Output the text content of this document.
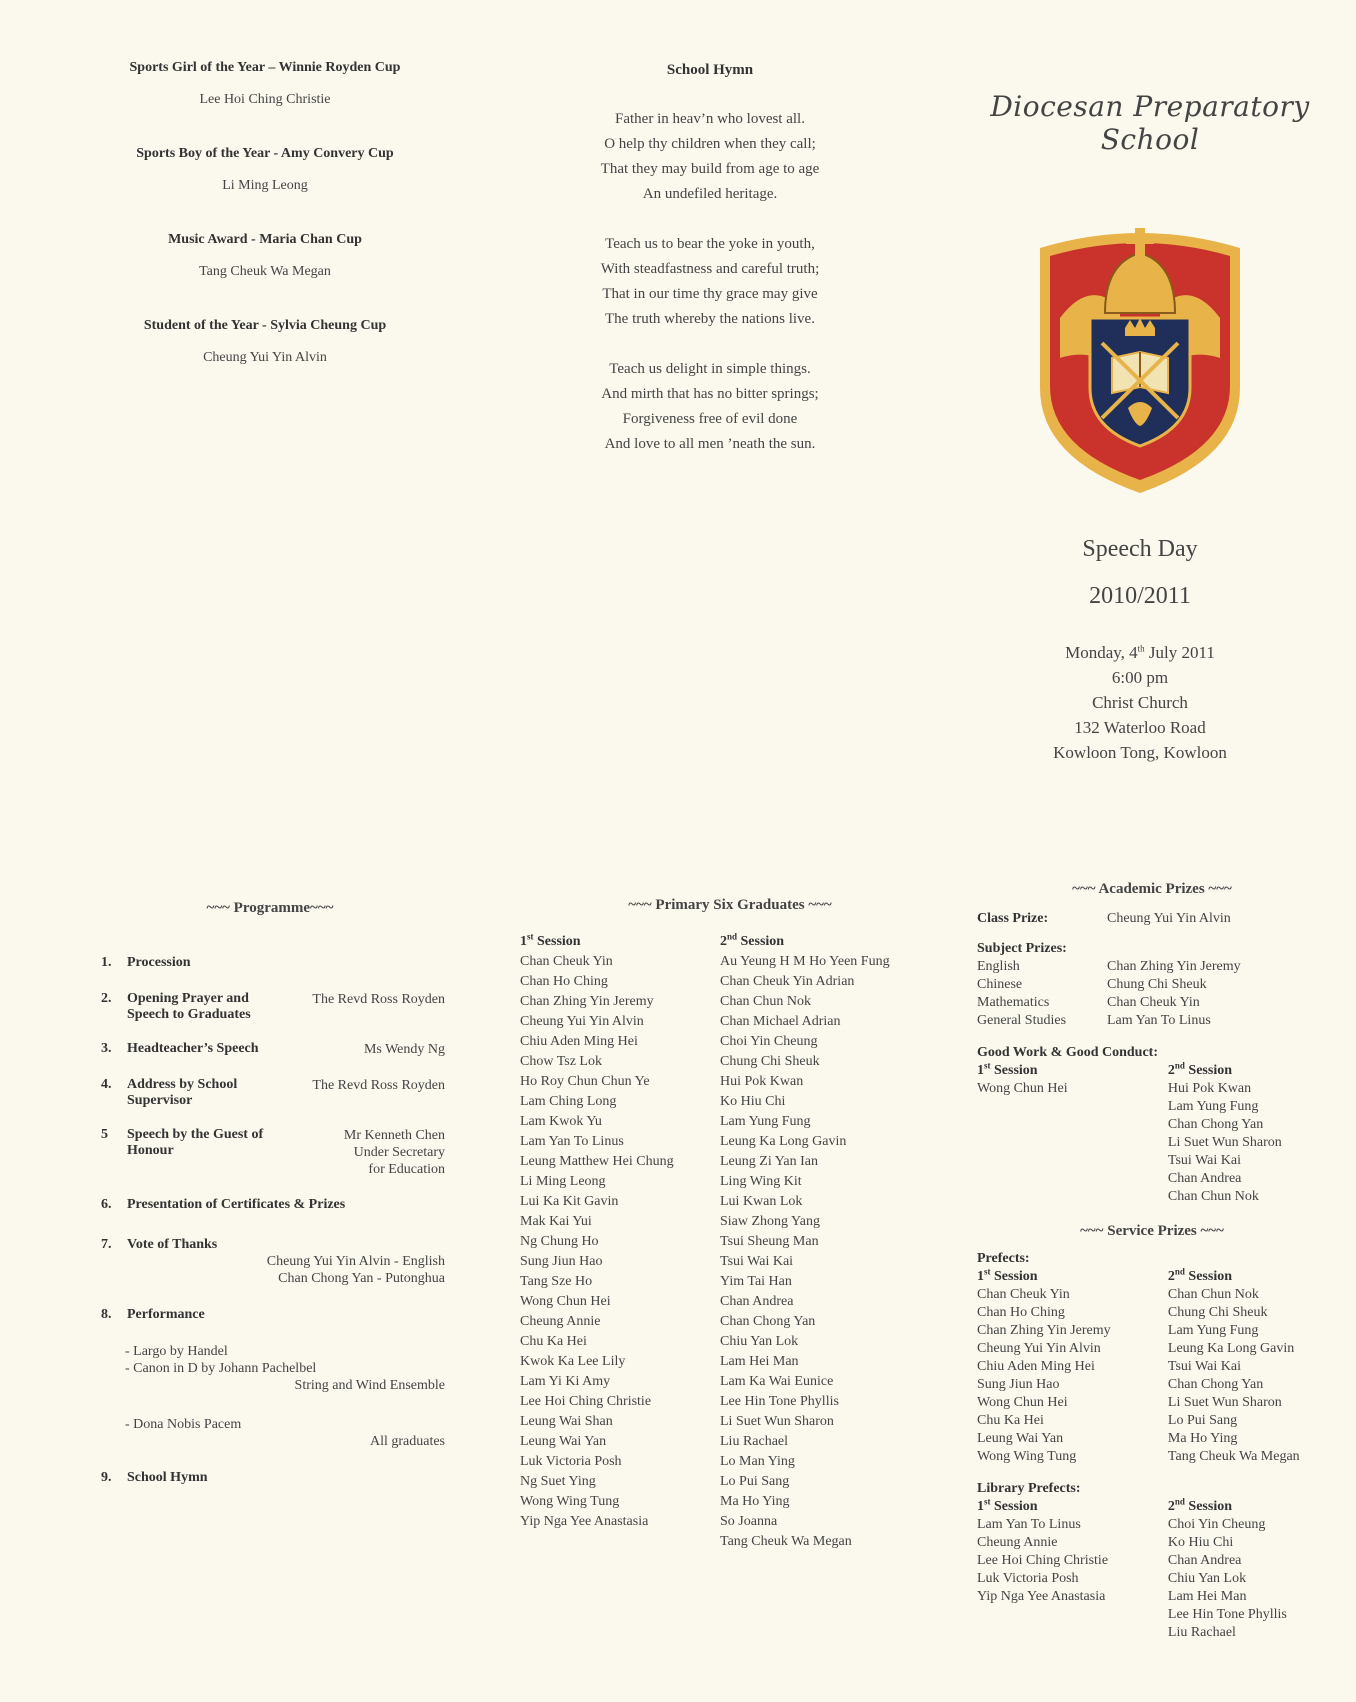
Sports Girl of the Year – Winnie Royden Cup
Lee Hoi Ching Christie
Sports Boy of the Year - Amy Convery Cup
Li Ming Leong
Music Award - Maria Chan Cup
Tang Cheuk Wa Megan
Student of the Year - Sylvia Cheung Cup
Cheung Yui Yin Alvin
School Hymn
Father in heav’n who lovest all.
O help thy children when they call;
That they may build from age to age
An undefiled heritage.
Teach us to bear the yoke in youth,
With steadfastness and careful truth;
That in our time thy grace may give
The truth whereby the nations live.
Teach us delight in simple things.
And mirth that has no bitter springs;
Forgiveness free of evil done
And love to all men ’neath the sun.
Diocesan Preparatory School
Speech Day
2010/2011
Monday, 4th July 2011
6:00 pm
Christ Church
132 Waterloo Road
Kowloon Tong, Kowloon
~~~ Programme~~~
1. Procession
2. Opening Prayer and Speech to Graduates
The Revd Ross Royden
3. Headteacher’s Speech	Ms Wendy Ng
4. Address by School Supervisor
The Revd Ross Royden
5 Speech by the Guest of Honour
Mr Kenneth Chen
Under Secretary
for Education
6. Presentation of Certificates & Prizes
7. Vote of Thanks
Cheung Yui Yin Alvin - English
Chan Chong Yan - Putonghua
8. Performance
- Largo by Handel
- Canon in D by Johann Pachelbel
String and Wind Ensemble
- Dona Nobis Pacem
All graduates
9. School Hymn
~~~ Primary Six Graduates ~~~
1st Session
Chan Cheuk Yin
Chan Ho Ching
Chan Zhing Yin Jeremy
Cheung Yui Yin Alvin
Chiu Aden Ming Hei
Chow Tsz Lok
Ho Roy Chun Chun Ye
Lam Ching Long
Lam Kwok Yu
Lam Yan To Linus
Leung Matthew Hei Chung
Li Ming Leong
Lui Ka Kit Gavin
Mak Kai Yui
Ng Chung Ho
Sung Jiun Hao
Tang Sze Ho
Wong Chun Hei
Cheung Annie
Chu Ka Hei
Kwok Ka Lee Lily
Lam Yi Ki Amy
Lee Hoi Ching Christie
Leung Wai Shan
Leung Wai Yan
Luk Victoria Posh
Ng Suet Ying
Wong Wing Tung
Yip Nga Yee Anastasia
2nd Session
Au Yeung H M Ho Yeen Fung
Chan Cheuk Yin Adrian
Chan Chun Nok
Chan Michael Adrian
Choi Yin Cheung
Chung Chi Sheuk
Hui Pok Kwan
Ko Hiu Chi
Lam Yung Fung
Leung Ka Long Gavin
Leung Zi Yan Ian
Ling Wing Kit
Lui Kwan Lok
Siaw Zhong Yang
Tsui Sheung Man
Tsui Wai Kai
Yim Tai Han
Chan Andrea
Chan Chong Yan
Chiu Yan Lok
Lam Hei Man
Lam Ka Wai Eunice
Lee Hin Tone Phyllis
Li Suet Wun Sharon
Liu Rachael
Lo Man Ying
Lo Pui Sang
Ma Ho Ying
So Joanna
Tang Cheuk Wa Megan
~~~ Academic Prizes ~~~
Class Prize:	Cheung Yui Yin Alvin
Subject Prizes:
English	Chan Zhing Yin Jeremy
Chinese	Chung Chi Sheuk
Mathematics	Chan Cheuk Yin
General Studies	Lam Yan To Linus
Good Work & Good Conduct:
1st Session
Wong Chun Hei
2nd Session
Hui Pok Kwan
Lam Yung Fung
Chan Chong Yan
Li Suet Wun Sharon
Tsui Wai Kai
Chan Andrea
Chan Chun Nok
~~~ Service Prizes ~~~
Prefects:
1st Session
Chan Cheuk Yin
Chan Ho Ching
Chan Zhing Yin Jeremy
Cheung Yui Yin Alvin
Chiu Aden Ming Hei
Sung Jiun Hao
Wong Chun Hei
Chu Ka Hei
Leung Wai Yan
Wong Wing Tung
2nd Session
Chan Chun Nok
Chung Chi Sheuk
Lam Yung Fung
Leung Ka Long Gavin
Tsui Wai Kai
Chan Chong Yan
Li Suet Wun Sharon
Lo Pui Sang
Ma Ho Ying
Tang Cheuk Wa Megan
Library Prefects:
1st Session
Lam Yan To Linus
Cheung Annie
Lee Hoi Ching Christie
Luk Victoria Posh
Yip Nga Yee Anastasia
2nd Session
Choi Yin Cheung
Ko Hiu Chi
Chan Andrea
Chiu Yan Lok
Lam Hei Man
Lee Hin Tone Phyllis
Liu Rachael
